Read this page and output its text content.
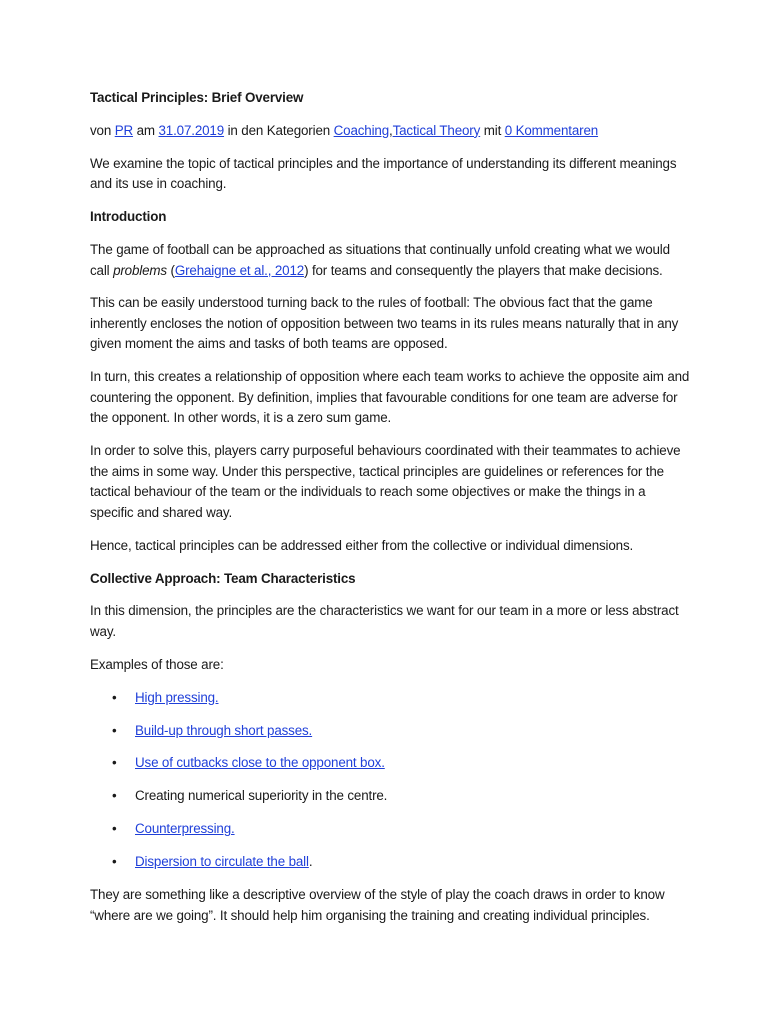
Tactical Principles: Brief Overview

von PR am 31.07.2019 in den Kategorien Coaching,Tactical Theory mit 0 Kommentaren

We examine the topic of tactical principles and the importance of understanding its different meanings and its use in coaching.

Introduction

The game of football can be approached as situations that continually unfold creating what we would call problems (Grehaigne et al., 2012) for teams and consequently the players that make decisions.

This can be easily understood turning back to the rules of football: The obvious fact that the game inherently encloses the notion of opposition between two teams in its rules means naturally that in any given moment the aims and tasks of both teams are opposed.

In turn, this creates a relationship of opposition where each team works to achieve the opposite aim and countering the opponent. By definition, implies that favourable conditions for one team are adverse for the opponent. In other words, it is a zero sum game.

In order to solve this, players carry purposeful behaviours coordinated with their teammates to achieve the aims in some way. Under this perspective, tactical principles are guidelines or references for the tactical behaviour of the team or the individuals to reach some objectives or make the things in a specific and shared way.

Hence, tactical principles can be addressed either from the collective or individual dimensions.

Collective Approach: Team Characteristics

In this dimension, the principles are the characteristics we want for our team in a more or less abstract way.

Examples of those are:

• High pressing.
• Build-up through short passes.
• Use of cutbacks close to the opponent box.
• Creating numerical superiority in the centre.
• Counterpressing.
• Dispersion to circulate the ball.

They are something like a descriptive overview of the style of play the coach draws in order to know “where are we going”. It should help him organising the training and creating individual principles.
